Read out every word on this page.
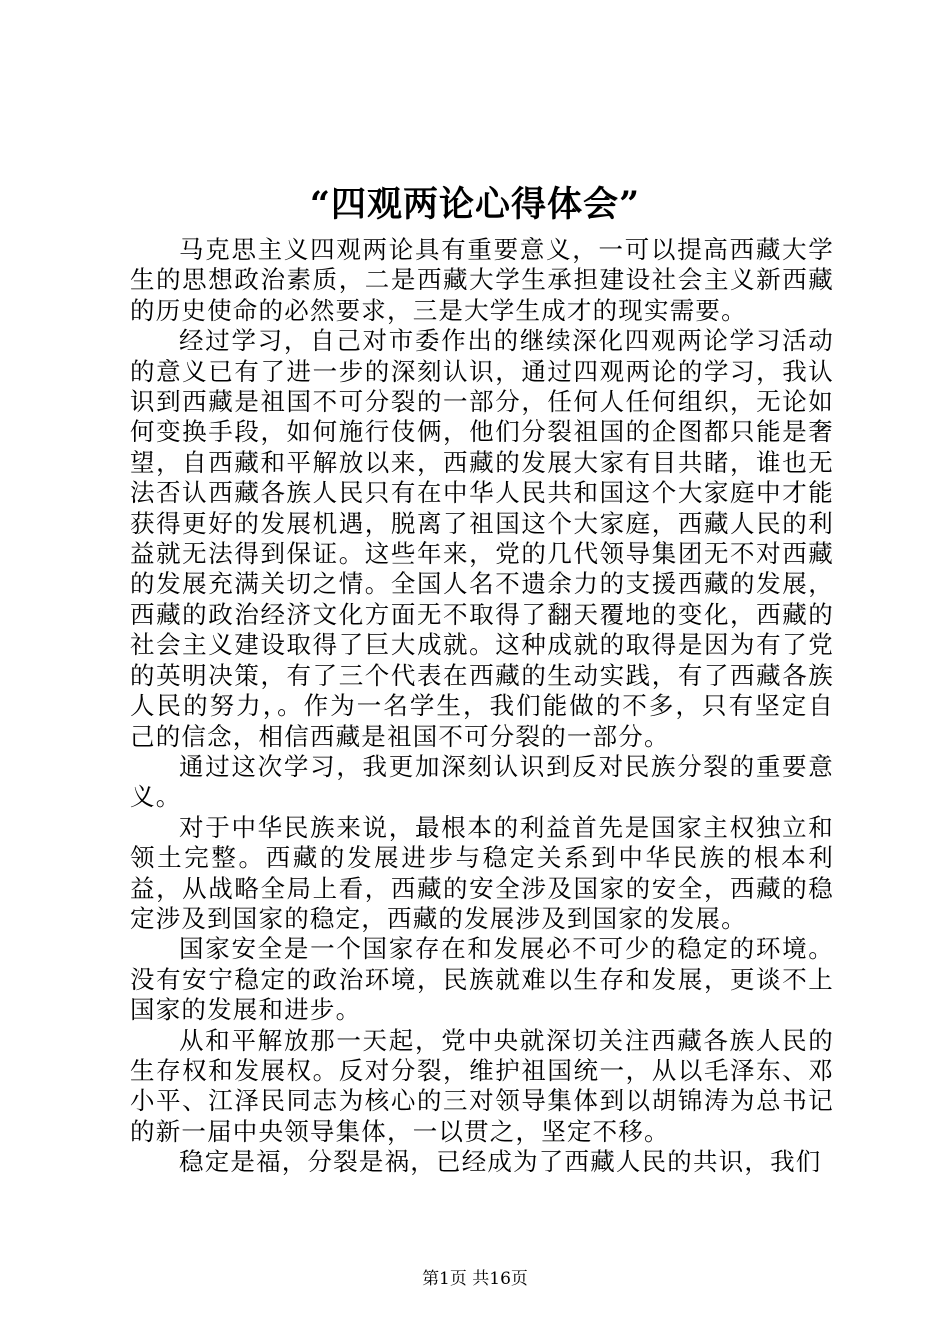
“四观两论心得体会”

马克思主义四观两论具有重要意义，一可以提高西藏大学生的思想政治素质，二是西藏大学生承担建设社会主义新西藏的历史使命的必然要求，三是大学生成才的现实需要。

经过学习，自己对市委作出的继续深化四观两论学习活动的意义已有了进一步的深刻认识，通过四观两论的学习，我认识到西藏是祖国不可分裂的一部分，任何人任何组织，无论如何变换手段，如何施行伎俩，他们分裂祖国的企图都只能是奢望，自西藏和平解放以来，西藏的发展大家有目共睹，谁也无法否认西藏各族人民只有在中华人民共和国这个大家庭中才能获得更好的发展机遇，脱离了祖国这个大家庭，西藏人民的利益就无法得到保证。这些年来，党的几代领导集团无不对西藏的发展充满关切之情。全国人名不遗余力的支援西藏的发展，西藏的政治经济文化方面无不取得了翻天覆地的变化，西藏的社会主义建设取得了巨大成就。这种成就的取得是因为有了党的英明决策，有了三个代表在西藏的生动实践，有了西藏各族人民的努力，。作为一名学生，我们能做的不多，只有坚定自己的信念，相信西藏是祖国不可分裂的一部分。

通过这次学习，我更加深刻认识到反对民族分裂的重要意义。

对于中华民族来说，最根本的利益首先是国家主权独立和领土完整。西藏的发展进步与稳定关系到中华民族的根本利益，从战略全局上看，西藏的安全涉及国家的安全，西藏的稳定涉及到国家的稳定，西藏的发展涉及到国家的发展。

国家安全是一个国家存在和发展必不可少的稳定的环境。没有安宁稳定的政治环境，民族就难以生存和发展，更谈不上国家的发展和进步。

从和平解放那一天起，党中央就深切关注西藏各族人民的生存权和发展权。反对分裂，维护祖国统一，从以毛泽东、邓小平、江泽民同志为核心的三对领导集体到以胡锦涛为总书记的新一届中央领导集体，一以贯之，坚定不移。

稳定是福，分裂是祸，已经成为了西藏人民的共识，我们

第1页 共16页
